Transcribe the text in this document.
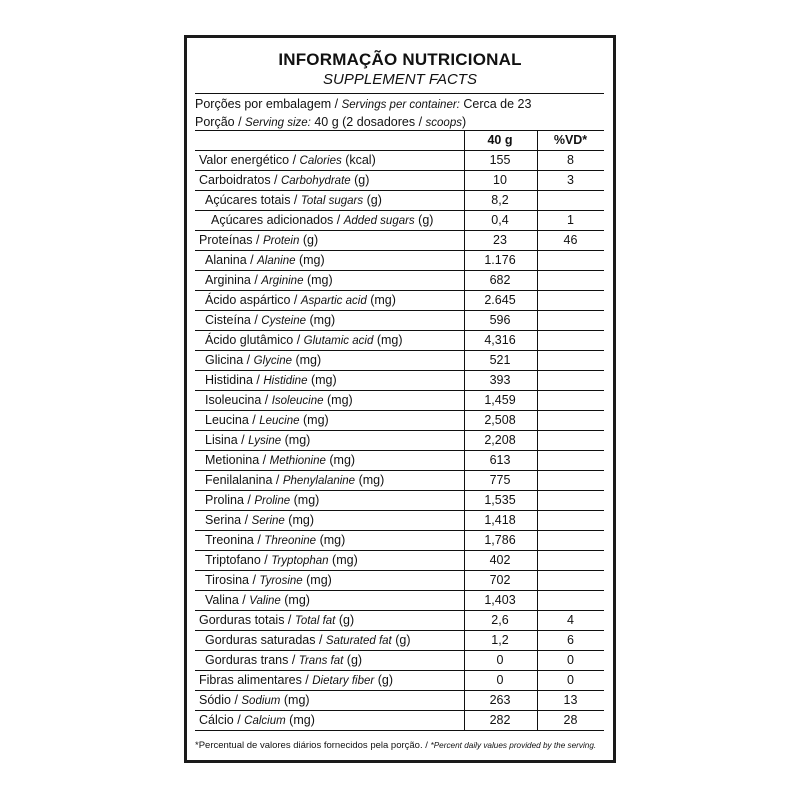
INFORMAÇÃO NUTRICIONAL
SUPPLEMENT FACTS
Porções por embalagem / Servings per container: Cerca de 23
Porção / Serving size: 40 g (2 dosadores / scoops)
40 g	%VD*
Valor energético / Calories (kcal)	155	8
Carboidratos / Carbohydrate (g)	10	3
Açúcares totais / Total sugars (g)	8,2
Açúcares adicionados / Added sugars (g)	0,4	1
Proteínas / Protein (g)	23	46
Alanina / Alanine (mg)	1.176
Arginina / Arginine (mg)	682
Ácido aspártico / Aspartic acid (mg)	2.645
Cisteína / Cysteine (mg)	596
Ácido glutâmico / Glutamic acid (mg)	4,316
Glicina / Glycine (mg)	521
Histidina / Histidine (mg)	393
Isoleucina / Isoleucine (mg)	1,459
Leucina / Leucine (mg)	2,508
Lisina / Lysine (mg)	2,208
Metionina / Methionine (mg)	613
Fenilalanina / Phenylalanine (mg)	775
Prolina / Proline (mg)	1,535
Serina / Serine (mg)	1,418
Treonina / Threonine (mg)	1,786
Triptofano / Tryptophan (mg)	402
Tirosina / Tyrosine (mg)	702
Valina / Valine (mg)	1,403
Gorduras totais / Total fat (g)	2,6	4
Gorduras saturadas / Saturated fat (g)	1,2	6
Gorduras trans / Trans fat (g)	0	0
Fibras alimentares / Dietary fiber (g)	0	0
Sódio / Sodium (mg)	263	13
Cálcio / Calcium (mg)	282	28
*Percentual de valores diários fornecidos pela porção. / *Percent daily values provided by the serving.
